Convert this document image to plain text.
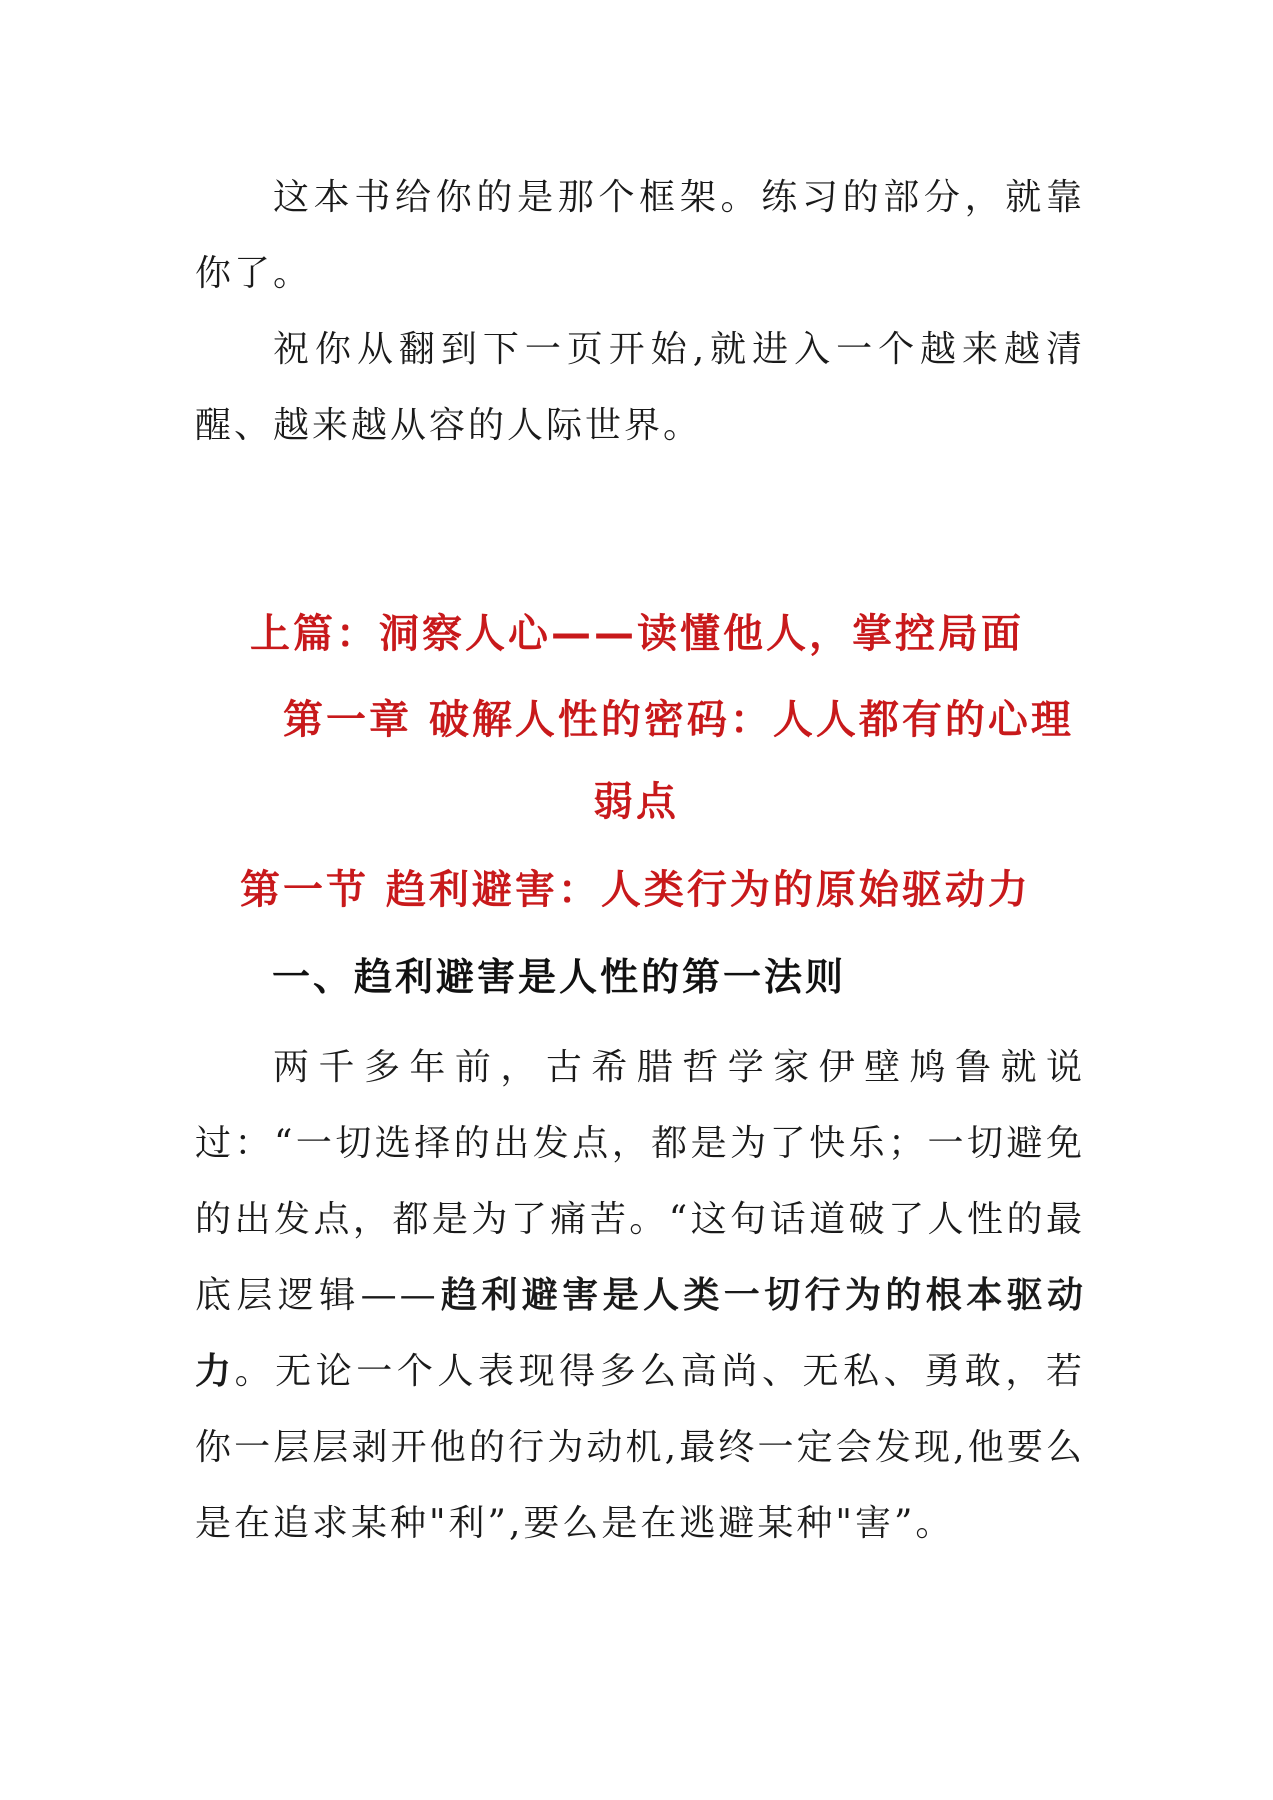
这本书给你的是那个框架。练习的部分，就靠你了。

祝你从翻到下一页开始,就进入一个越来越清醒、越来越从容的人际世界。

上篇：洞察人心——读懂他人，掌控局面
第一章 破解人性的密码：人人都有的心理
弱点
第一节 趋利避害：人类行为的原始驱动力
一、趋利避害是人性的第一法则

两千多年前，古希腊哲学家伊壁鸠鲁就说过：“一切选择的出发点，都是为了快乐；一切避免的出发点，都是为了痛苦。“这句话道破了人性的最底层逻辑——趋利避害是人类一切行为的根本驱动力。无论一个人表现得多么高尚、无私、勇敢，若你一层层剥开他的行为动机,最终一定会发现,他要么是在追求某种"利”,要么是在逃避某种"害”。
